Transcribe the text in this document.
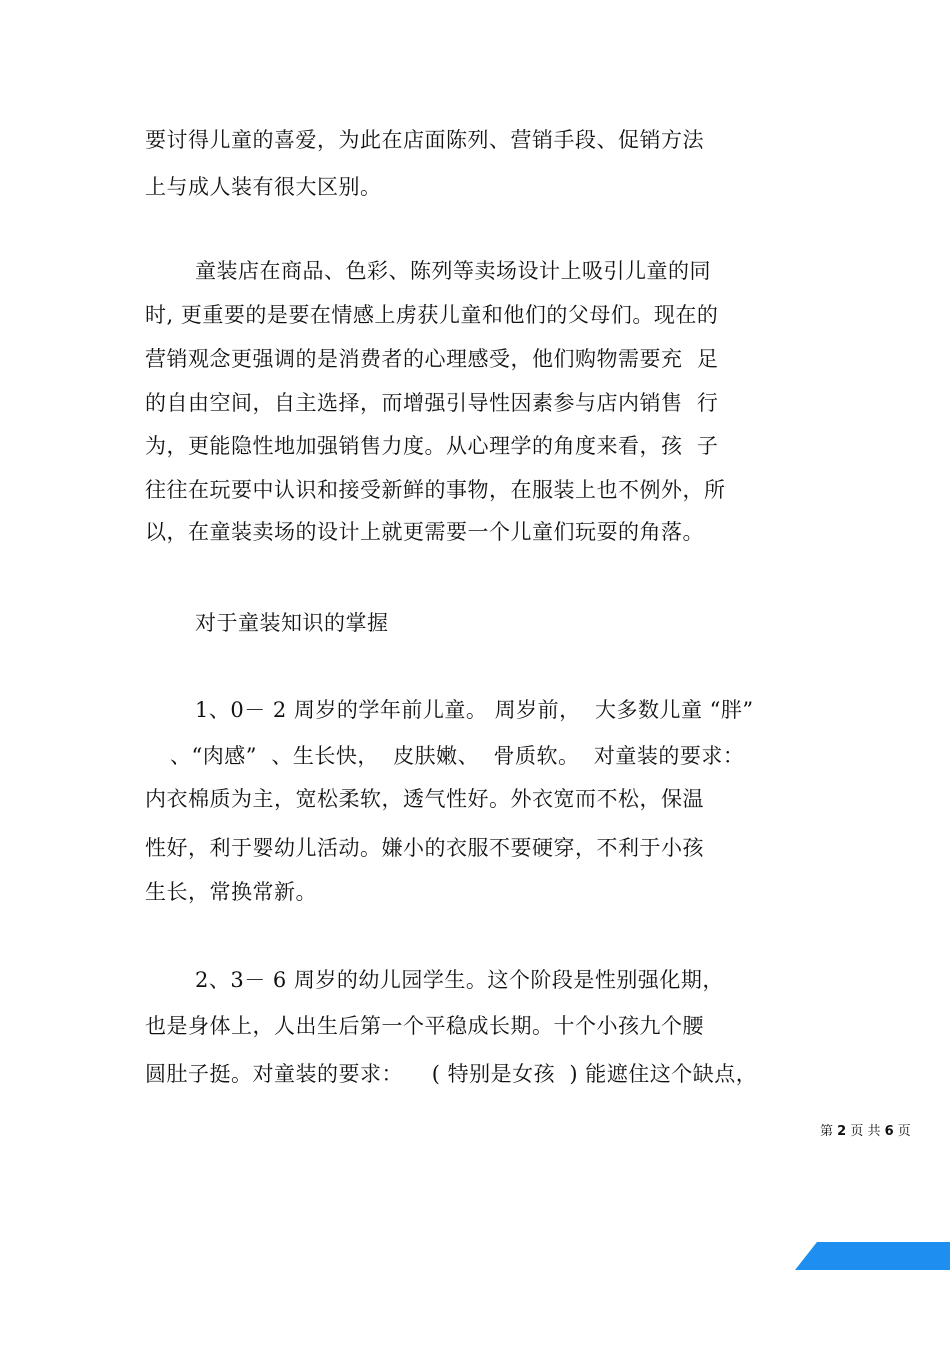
要讨得儿童的喜爱，为此在店面陈列、营销手段、促销方法
上与成人装有很大区别。
童装店在商品、色彩、陈列等卖场设计上吸引儿童的同
时, 更重要的是要在情感上虏获儿童和他们的父母们。现在的
营销观念更强调的是消费者的心理感受，他们购物需要充  足
的自由空间，自主选择，而增强引导性因素参与店内销售  行
为，更能隐性地加强销售力度。从心理学的角度来看，孩  子
往往在玩要中认识和接受新鲜的事物，在服装上也不例外，所
以，在童装卖场的设计上就更需要一个儿童们玩耍的角落。
对于童装知识的掌握
1、0－ 2 周岁的学年前儿童。 周岁前，  大多数儿童 “胖”
、“肉感”  、生长快，  皮肤嫩、  骨质软。  对童装的要求：
内衣棉质为主，宽松柔软，透气性好。外衣宽而不松，保温
性好，利于婴幼儿活动。嫌小的衣服不要硬穿，不利于小孩
生长，常换常新。
2、3－ 6 周岁的幼儿园学生。这个阶段是性别强化期，
也是身体上，人出生后第一个平稳成长期。十个小孩九个腰
圆肚子挺。对童装的要求：    ( 特别是女孩  ) 能遮住这个缺点，
第 2 页 共 6 页
